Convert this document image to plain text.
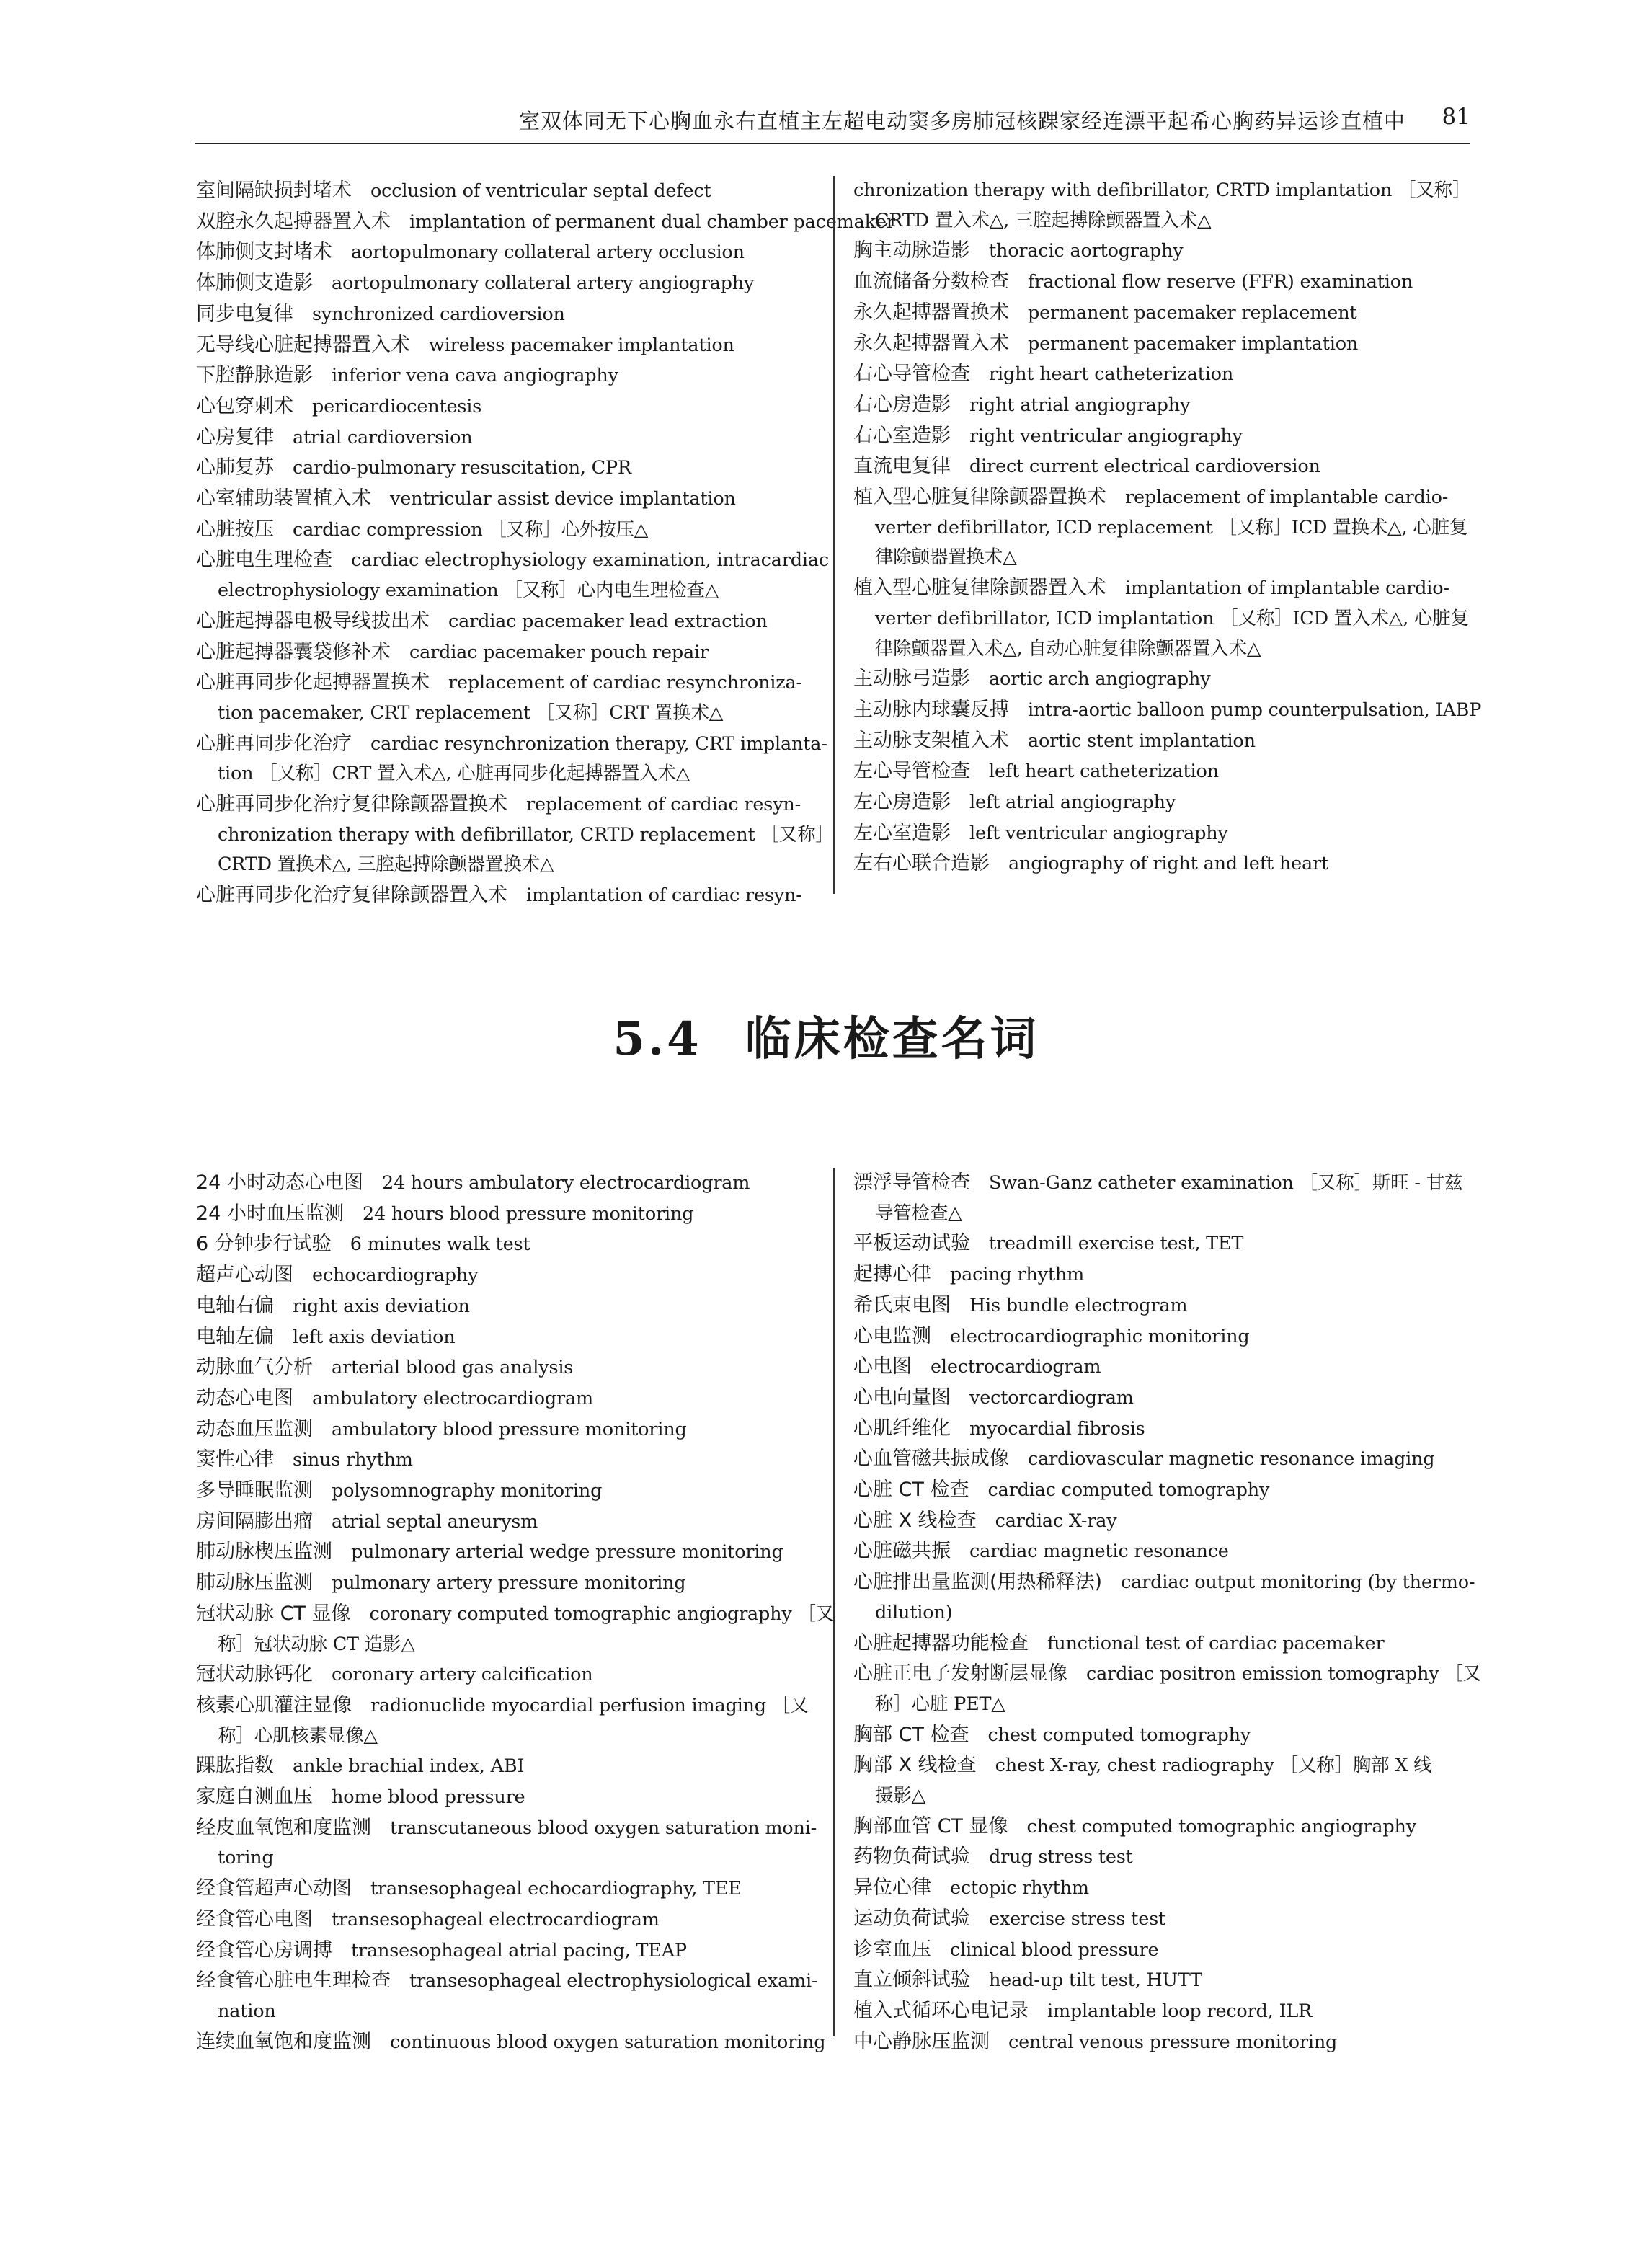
室双体同无下心胸血永右直植主左超电动窦多房肺冠核踝家经连漂平起希心胸药异运诊直植中 81
室间隔缺损封堵术 occlusion of ventricular septal defect
双腔永久起搏器置入术 implantation of permanent dual chamber pacemaker
体肺侧支封堵术 aortopulmonary collateral artery occlusion
体肺侧支造影 aortopulmonary collateral artery angiography
同步电复律 synchronized cardioversion
无导线心脏起搏器置入术 wireless pacemaker implantation
下腔静脉造影 inferior vena cava angiography
心包穿刺术 pericardiocentesis
心房复律 atrial cardioversion
心肺复苏 cardio-pulmonary resuscitation, CPR
心室辅助装置植入术 ventricular assist device implantation
心脏按压 cardiac compression ［又称］心外按压△
心脏电生理检查 cardiac electrophysiology examination, intracardiac
electrophysiology examination ［又称］心内电生理检查△
心脏起搏器电极导线拔出术 cardiac pacemaker lead extraction
心脏起搏器囊袋修补术 cardiac pacemaker pouch repair
心脏再同步化起搏器置换术 replacement of cardiac resynchroniza-
tion pacemaker, CRT replacement ［又称］CRT 置换术△
心脏再同步化治疗 cardiac resynchronization therapy, CRT implanta-
tion ［又称］CRT 置入术△, 心脏再同步化起搏器置入术△
心脏再同步化治疗复律除颤器置换术 replacement of cardiac resyn-
chronization therapy with defibrillator, CRTD replacement ［又称］
CRTD 置换术△, 三腔起搏除颤器置换术△
心脏再同步化治疗复律除颤器置入术 implantation of cardiac resyn-
chronization therapy with defibrillator, CRTD implantation ［又称］
CRTD 置入术△, 三腔起搏除颤器置入术△
胸主动脉造影 thoracic aortography
血流储备分数检查 fractional flow reserve (FFR) examination
永久起搏器置换术 permanent pacemaker replacement
永久起搏器置入术 permanent pacemaker implantation
右心导管检查 right heart catheterization
右心房造影 right atrial angiography
右心室造影 right ventricular angiography
直流电复律 direct current electrical cardioversion
植入型心脏复律除颤器置换术 replacement of implantable cardio-
verter defibrillator, ICD replacement ［又称］ICD 置换术△, 心脏复
律除颤器置换术△
植入型心脏复律除颤器置入术 implantation of implantable cardio-
verter defibrillator, ICD implantation ［又称］ICD 置入术△, 心脏复
律除颤器置入术△, 自动心脏复律除颤器置入术△
主动脉弓造影 aortic arch angiography
主动脉内球囊反搏 intra-aortic balloon pump counterpulsation, IABP
主动脉支架植入术 aortic stent implantation
左心导管检查 left heart catheterization
左心房造影 left atrial angiography
左心室造影 left ventricular angiography
左右心联合造影 angiography of right and left heart
5.4 临床检查名词
24 小时动态心电图 24 hours ambulatory electrocardiogram
24 小时血压监测 24 hours blood pressure monitoring
6 分钟步行试验 6 minutes walk test
超声心动图 echocardiography
电轴右偏 right axis deviation
电轴左偏 left axis deviation
动脉血气分析 arterial blood gas analysis
动态心电图 ambulatory electrocardiogram
动态血压监测 ambulatory blood pressure monitoring
窦性心律 sinus rhythm
多导睡眠监测 polysomnography monitoring
房间隔膨出瘤 atrial septal aneurysm
肺动脉楔压监测 pulmonary arterial wedge pressure monitoring
肺动脉压监测 pulmonary artery pressure monitoring
冠状动脉 CT 显像 coronary computed tomographic angiography ［又
称］冠状动脉 CT 造影△
冠状动脉钙化 coronary artery calcification
核素心肌灌注显像 radionuclide myocardial perfusion imaging ［又
称］心肌核素显像△
踝肱指数 ankle brachial index, ABI
家庭自测血压 home blood pressure
经皮血氧饱和度监测 transcutaneous blood oxygen saturation moni-
toring
经食管超声心动图 transesophageal echocardiography, TEE
经食管心电图 transesophageal electrocardiogram
经食管心房调搏 transesophageal atrial pacing, TEAP
经食管心脏电生理检查 transesophageal electrophysiological exami-
nation
连续血氧饱和度监测 continuous blood oxygen saturation monitoring
漂浮导管检查 Swan-Ganz catheter examination ［又称］斯旺 - 甘兹
导管检查△
平板运动试验 treadmill exercise test, TET
起搏心律 pacing rhythm
希氏束电图 His bundle electrogram
心电监测 electrocardiographic monitoring
心电图 electrocardiogram
心电向量图 vectorcardiogram
心肌纤维化 myocardial fibrosis
心血管磁共振成像 cardiovascular magnetic resonance imaging
心脏 CT 检查 cardiac computed tomography
心脏 X 线检查 cardiac X-ray
心脏磁共振 cardiac magnetic resonance
心脏排出量监测(用热稀释法) cardiac output monitoring (by thermo-
dilution)
心脏起搏器功能检查 functional test of cardiac pacemaker
心脏正电子发射断层显像 cardiac positron emission tomography ［又
称］心脏 PET△
胸部 CT 检查 chest computed tomography
胸部 X 线检查 chest X-ray, chest radiography ［又称］胸部 X 线
摄影△
胸部血管 CT 显像 chest computed tomographic angiography
药物负荷试验 drug stress test
异位心律 ectopic rhythm
运动负荷试验 exercise stress test
诊室血压 clinical blood pressure
直立倾斜试验 head-up tilt test, HUTT
植入式循环心电记录 implantable loop record, ILR
中心静脉压监测 central venous pressure monitoring
